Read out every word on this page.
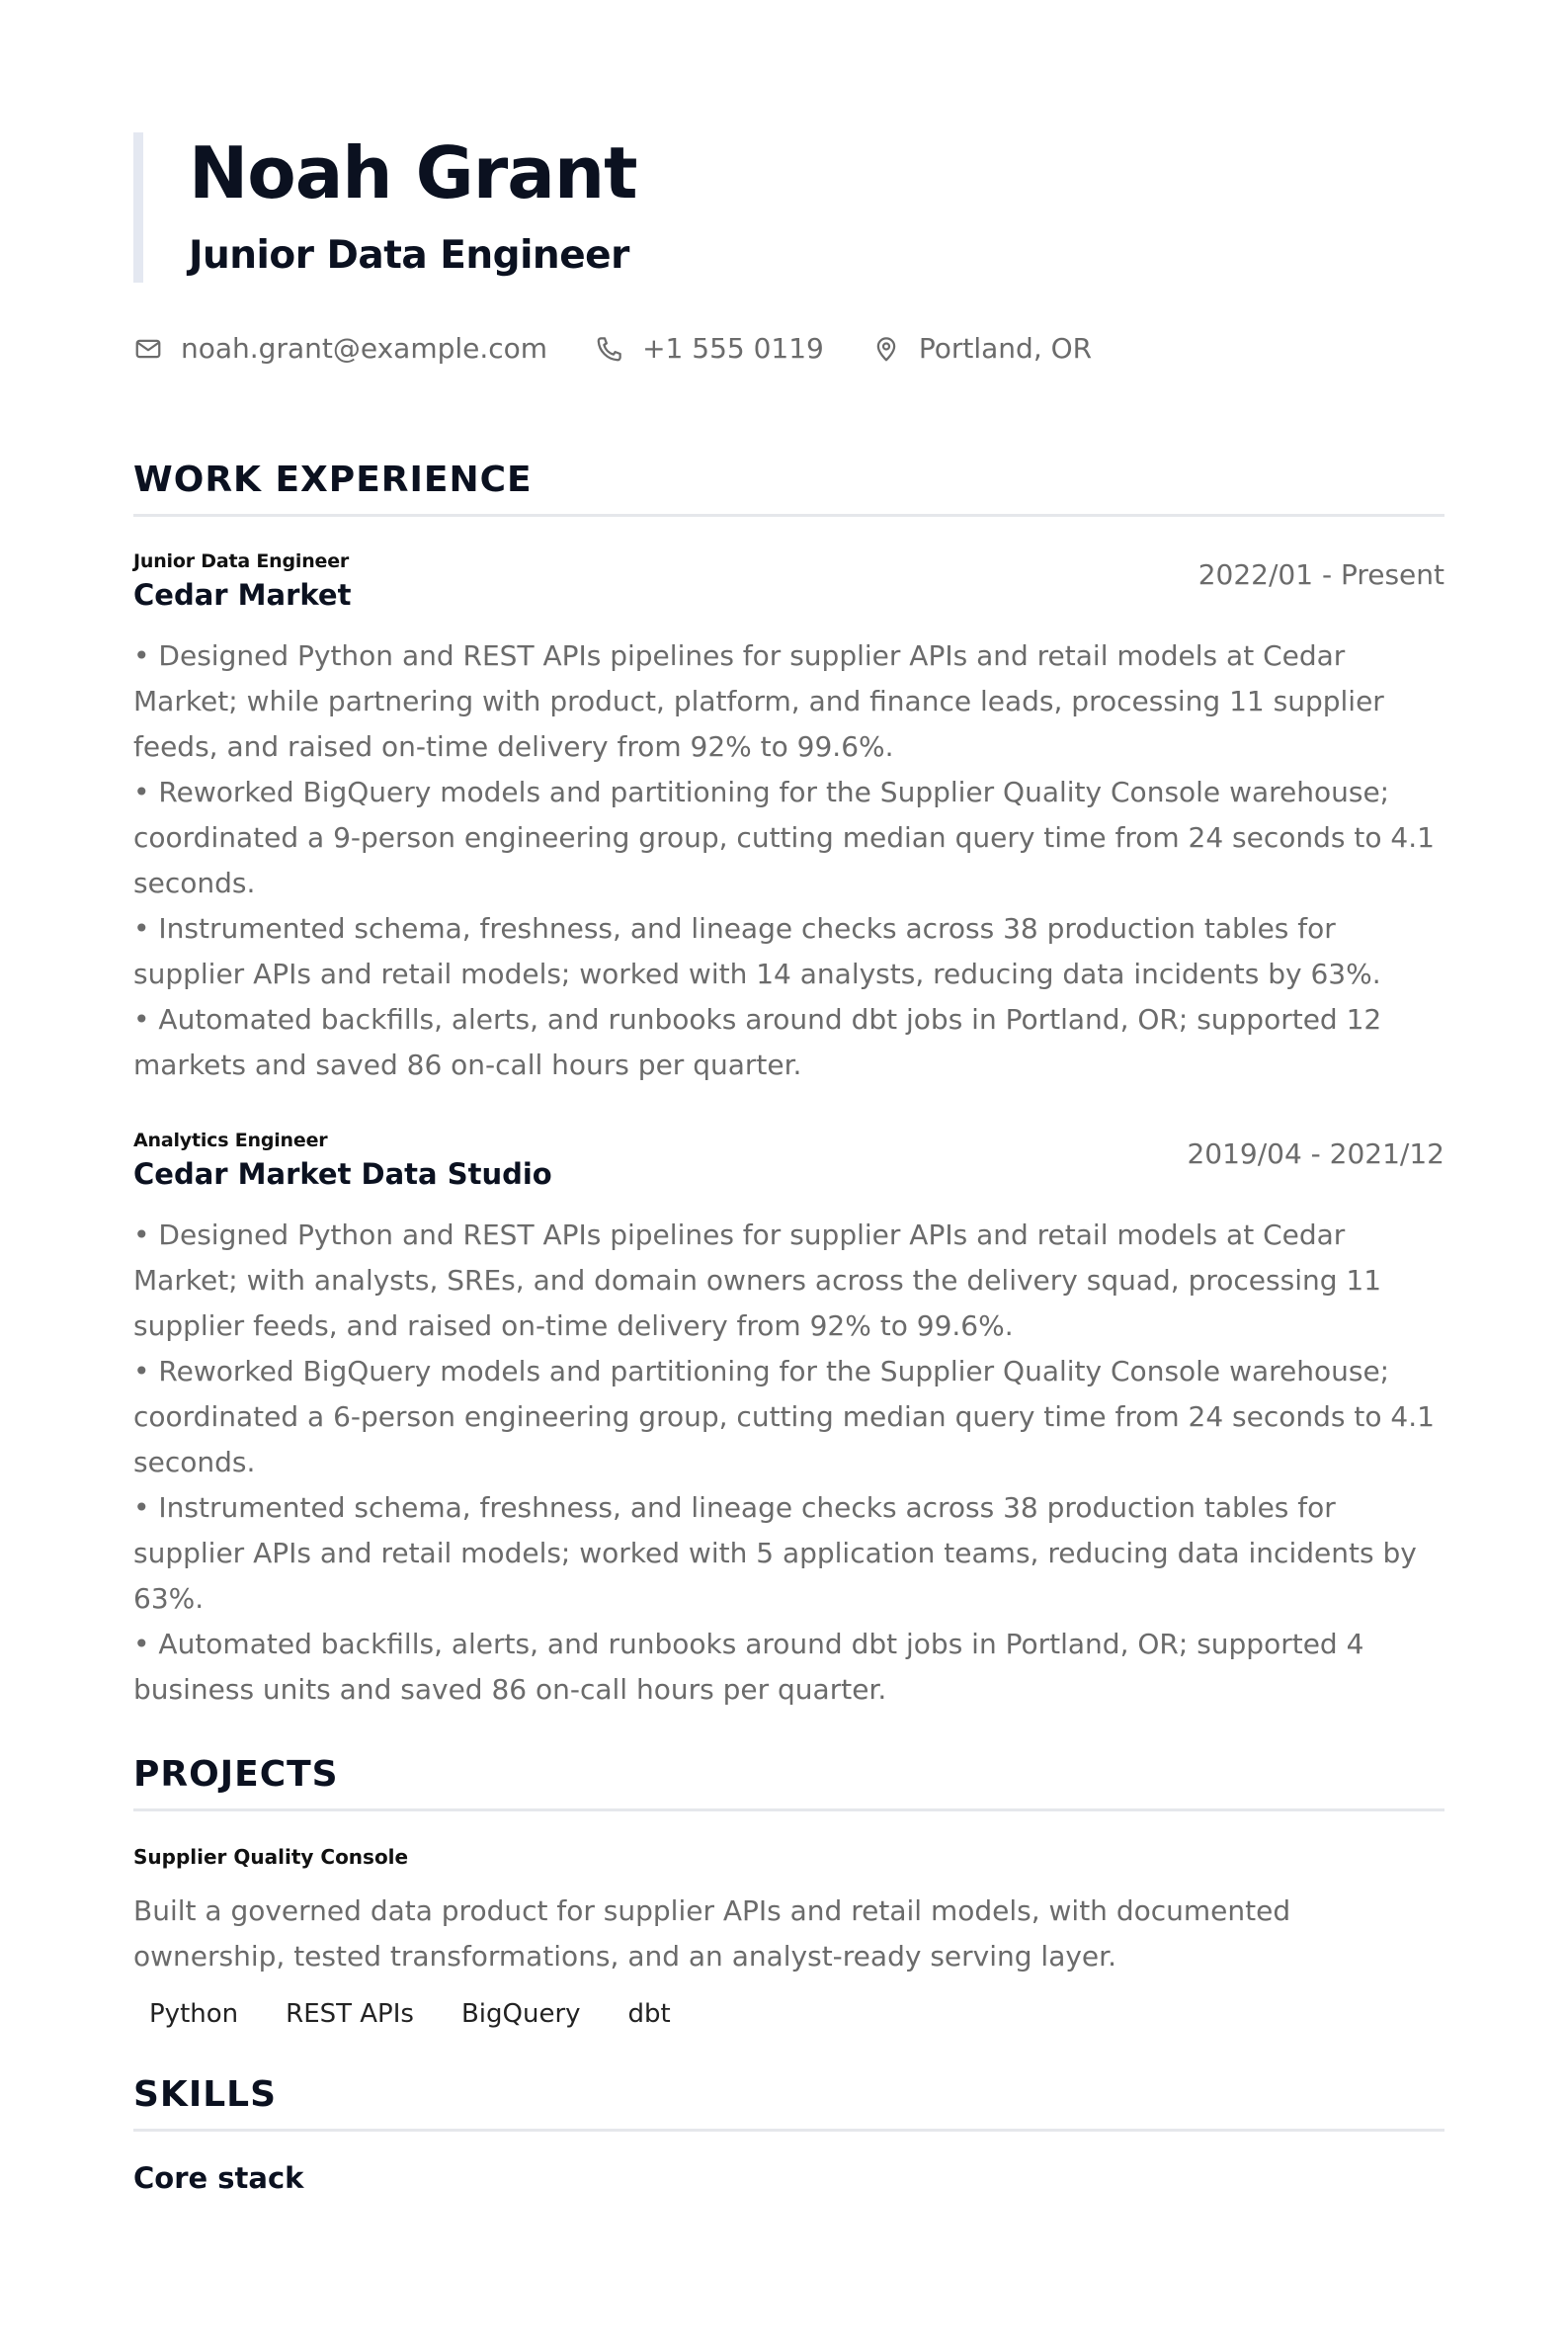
Noah Grant
Junior Data Engineer
noah.grant@example.com	+1 555 0119	Portland, OR
WORK EXPERIENCE
Junior Data Engineer
Cedar Market
2022/01 - Present
• Designed Python and REST APIs pipelines for supplier APIs and retail models at Cedar Market; while partnering with product, platform, and finance leads, processing 11 supplier feeds, and raised on-time delivery from 92% to 99.6%.
• Reworked BigQuery models and partitioning for the Supplier Quality Console warehouse; coordinated a 9-person engineering group, cutting median query time from 24 seconds to 4.1 seconds.
• Instrumented schema, freshness, and lineage checks across 38 production tables for supplier APIs and retail models; worked with 14 analysts, reducing data incidents by 63%.
• Automated backfills, alerts, and runbooks around dbt jobs in Portland, OR; supported 12 markets and saved 86 on-call hours per quarter.
Analytics Engineer
Cedar Market Data Studio
2019/04 - 2021/12
• Designed Python and REST APIs pipelines for supplier APIs and retail models at Cedar Market; with analysts, SREs, and domain owners across the delivery squad, processing 11 supplier feeds, and raised on-time delivery from 92% to 99.6%.
• Reworked BigQuery models and partitioning for the Supplier Quality Console warehouse; coordinated a 6-person engineering group, cutting median query time from 24 seconds to 4.1 seconds.
• Instrumented schema, freshness, and lineage checks across 38 production tables for supplier APIs and retail models; worked with 5 application teams, reducing data incidents by 63%.
• Automated backfills, alerts, and runbooks around dbt jobs in Portland, OR; supported 4 business units and saved 86 on-call hours per quarter.
PROJECTS
Supplier Quality Console
Built a governed data product for supplier APIs and retail models, with documented ownership, tested transformations, and an analyst-ready serving layer.
Python	REST APIs	BigQuery	dbt
SKILLS
Core stack
